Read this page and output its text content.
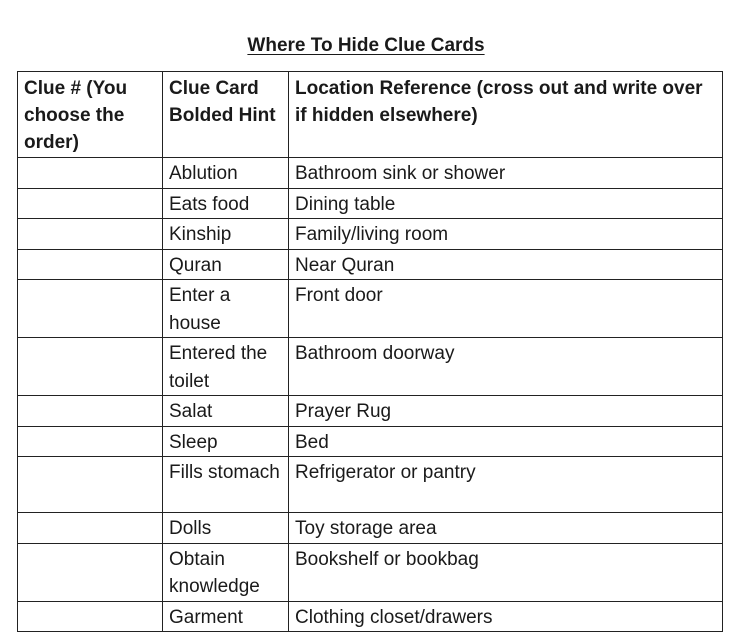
Where To Hide Clue Cards
Clue # (You choose the order)	Clue Card Bolded Hint	Location Reference (cross out and write over if hidden elsewhere)
	Ablution	Bathroom sink or shower
	Eats food	Dining table
	Kinship	Family/living room
	Quran	Near Quran
	Enter a house	Front door
	Entered the toilet	Bathroom doorway
	Salat	Prayer Rug
	Sleep	Bed
	Fills stomach	Refrigerator or pantry
	Dolls	Toy storage area
	Obtain knowledge	Bookshelf or bookbag
	Garment	Clothing closet/drawers
